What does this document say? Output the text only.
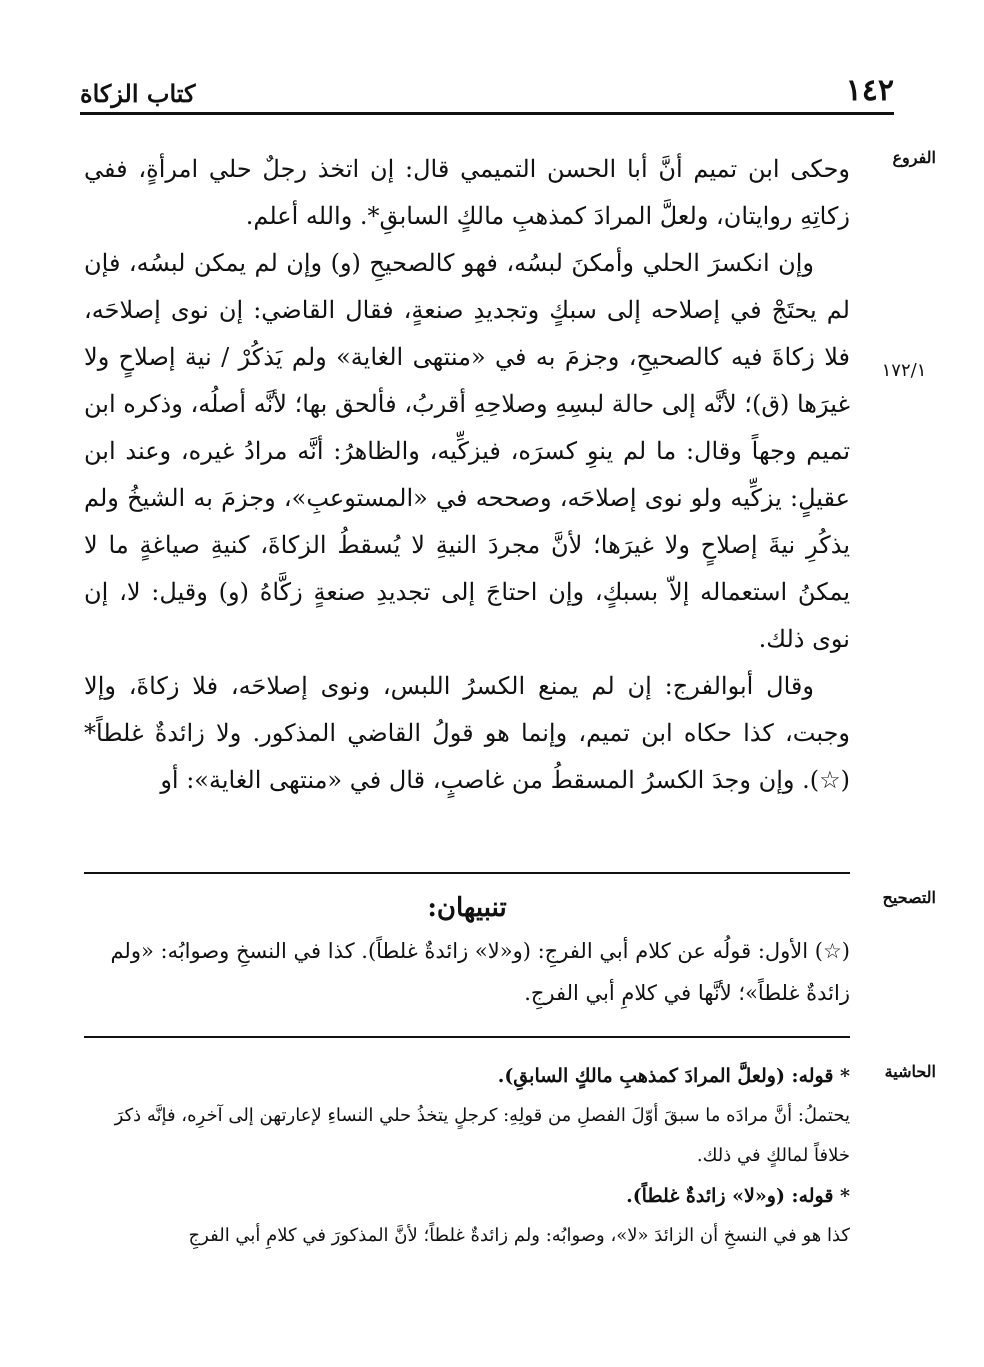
١٤٢
كتاب الزكاة
الفروع
١٧٢/١

وحكى ابن تميم أنَّ أبا الحسن التميمي قال: إن اتخذ رجلٌ حلي امرأةٍ، ففي زكاتِهِ روايتان، ولعلَّ المرادَ كمذهبِ مالكٍ السابقِ*. والله أعلم.

وإن انكسرَ الحلي وأمكنَ لبسُه، فهو كالصحيحِ (و) وإن لم يمكن لبسُه، فإن لم يحتَجْ في إصلاحه إلى سبكٍ وتجديدِ صنعةٍ، فقال القاضي: إن نوى إصلاحَه، فلا زكاةَ فيه كالصحيحِ، وجزمَ به في «منتهى الغاية» ولم يَذكُرْ / نية إصلاحٍ ولا غيرَها (ق)؛ لأنَّه إلى حالة لبسِهِ وصلاحِهِ أقربُ، فألحق بها؛ لأنَّه أصلُه، وذكره ابن تميم وجهاً وقال: ما لم ينوِ كسرَه، فيزكِّيه، والظاهرُ: أنَّه مرادُ غيره، وعند ابن عقيلٍ: يزكِّيه ولو نوى إصلاحَه، وصححه في «المستوعبِ»، وجزمَ به الشيخُ ولم يذكُرِ نيةَ إصلاحٍ ولا غيرَها؛ لأنَّ مجردَ النيةِ لا يُسقطُ الزكاةَ، كنيةِ صياغةٍ ما لا يمكنُ استعماله إلاّ بسبكٍ، وإن احتاجَ إلى تجديدِ صنعةٍ زكَّاهُ (و) وقيل: لا، إن نوى ذلك.

وقال أبوالفرج: إن لم يمنع الكسرُ اللبس، ونوى إصلاحَه، فلا زكاةَ، وإلا وجبت، كذا حكاه ابن تميم، وإنما هو قولُ القاضي المذكور. ولا زائدةٌ غلطاً*(☆). وإن وجدَ الكسرُ المسقطُ من غاصبٍ، قال في «منتهى الغاية»: أو

التصحيح
تنبيهان:

(☆) الأول: قولُه عن كلام أبي الفرجِ: (و«لا» زائدةٌ غلطاً). كذا في النسخِ وصوابُه: «ولم زائدةٌ غلطاً»؛ لأنَّها في كلامِ أبي الفرجِ.

الحاشية

* قوله: (ولعلَّ المرادَ كمذهبِ مالكٍ السابقِ).

يحتملُ: أنَّ مرادَه ما سبقَ أوّلَ الفصلِ من قولِهِ: كرجلٍ يتخذُ حلي النساءِ لإعارتهن إلى آخرِه، فإنَّه ذكرَ خلافاً لمالكٍ في ذلك.

* قوله: (و«لا» زائدةٌ غلطاً).

كذا هو في النسخِ أن الزائدَ «لا»، وصوابُه: ولم زائدةٌ غلطاً؛ لأنَّ المذكورَ في كلامِ أبي الفرجِ
